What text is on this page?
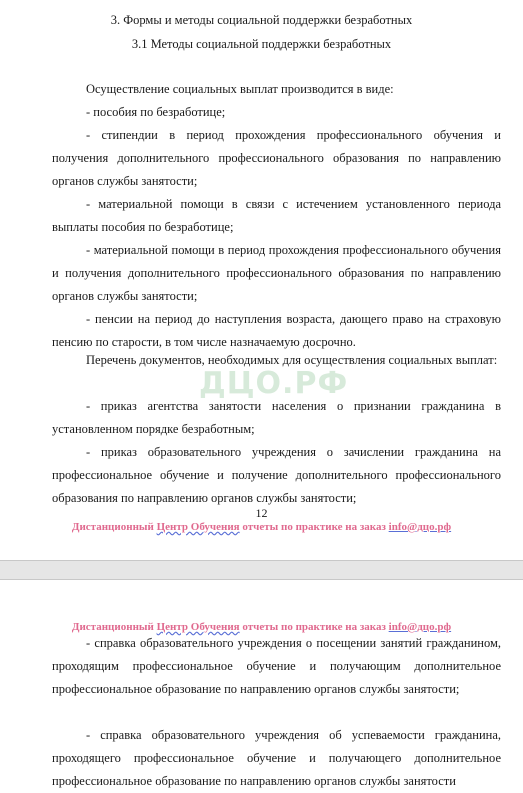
3. Формы и методы социальной поддержки безработных

3.1 Методы социальной поддержки безработных

Осуществление социальных выплат производится в виде:

- пособия по безработице;

- стипендии в период прохождения профессионального обучения и получения дополнительного профессионального образования по направлению органов службы занятости;

- материальной помощи в связи с истечением установленного периода выплаты пособия по безработице;

- материальной помощи в период прохождения профессионального обучения и получения дополнительного профессионального образования по направлению органов службы занятости;

- пенсии на период до наступления возраста, дающего право на страховую пенсию по старости, в том числе назначаемую досрочно.

Перечень документов, необходимых для осуществления социальных выплат:

- приказ агентства занятости населения о признании гражданина в установленном порядке безработным;

- приказ образовательного учреждения о зачислении гражданина на профессиональное обучение и получение дополнительного профессионального образования по направлению органов службы занятости;

ДЦО.РФ
12
Дистанционный Центр Обучения отчеты по практике на заказ info@дцо.рф
Дистанционный Центр Обучения отчеты по практике на заказ info@дцо.рф

- справка образовательного учреждения о посещении занятий гражданином, проходящим профессиональное обучение и получающим дополнительное профессиональное образование по направлению органов службы занятости;

- справка образовательного учреждения об успеваемости гражданина, проходящего профессиональное обучение и получающего дополнительное профессиональное образование по направлению органов службы занятости
